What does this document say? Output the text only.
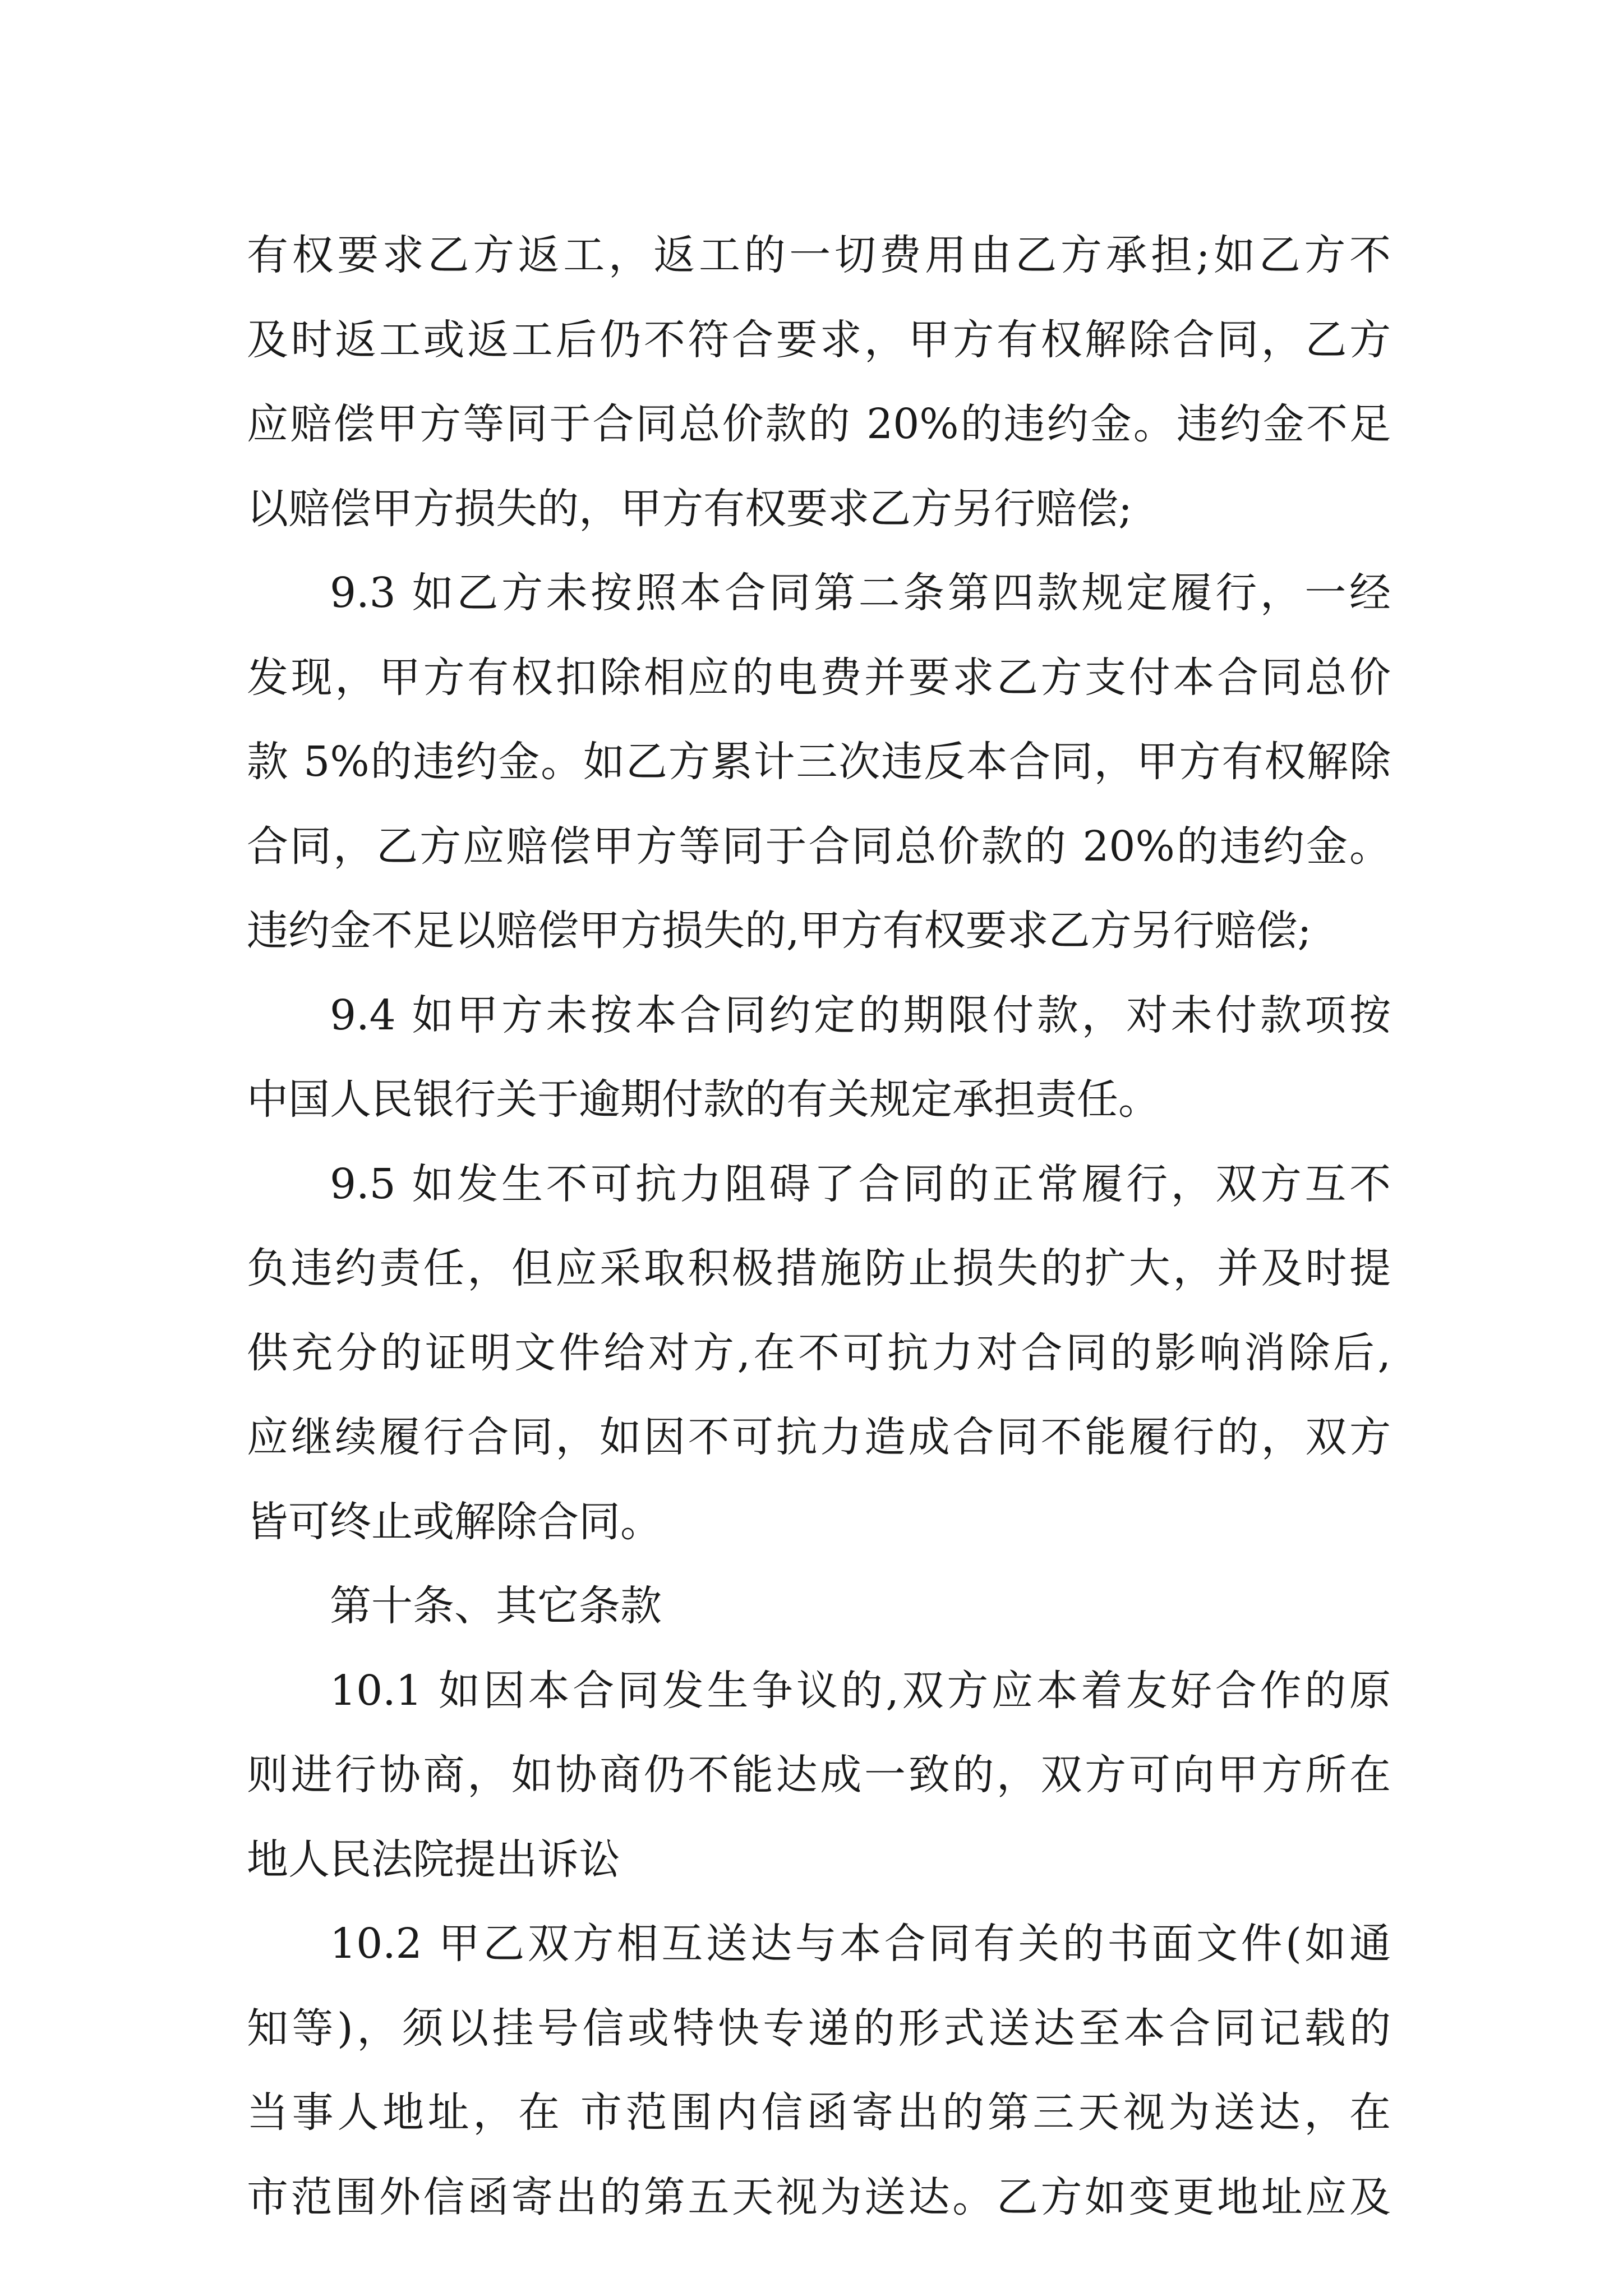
有权要求乙方返工，返工的一切费用由乙方承担;如乙方不
及时返工或返工后仍不符合要求，甲方有权解除合同，乙方
应赔偿甲方等同于合同总价款的 20%的违约金。违约金不足
以赔偿甲方损失的，甲方有权要求乙方另行赔偿;
9.3 如乙方未按照本合同第二条第四款规定履行，一经
发现，甲方有权扣除相应的电费并要求乙方支付本合同总价
款 5%的违约金。如乙方累计三次违反本合同，甲方有权解除
合同，乙方应赔偿甲方等同于合同总价款的 20%的违约金。
违约金不足以赔偿甲方损失的,甲方有权要求乙方另行赔偿;
9.4 如甲方未按本合同约定的期限付款，对未付款项按
中国人民银行关于逾期付款的有关规定承担责任。
9.5 如发生不可抗力阻碍了合同的正常履行，双方互不
负违约责任，但应采取积极措施防止损失的扩大，并及时提
供充分的证明文件给对方,在不可抗力对合同的影响消除后,
应继续履行合同，如因不可抗力造成合同不能履行的，双方
皆可终止或解除合同。
第十条、其它条款
10.1 如因本合同发生争议的,双方应本着友好合作的原
则进行协商，如协商仍不能达成一致的，双方可向甲方所在
地人民法院提出诉讼
10.2 甲乙双方相互送达与本合同有关的书面文件(如通
知等)，须以挂号信或特快专递的形式送达至本合同记载的
当事人地址，在 市范围内信函寄出的第三天视为送达，在
市范围外信函寄出的第五天视为送达。乙方如变更地址应及
